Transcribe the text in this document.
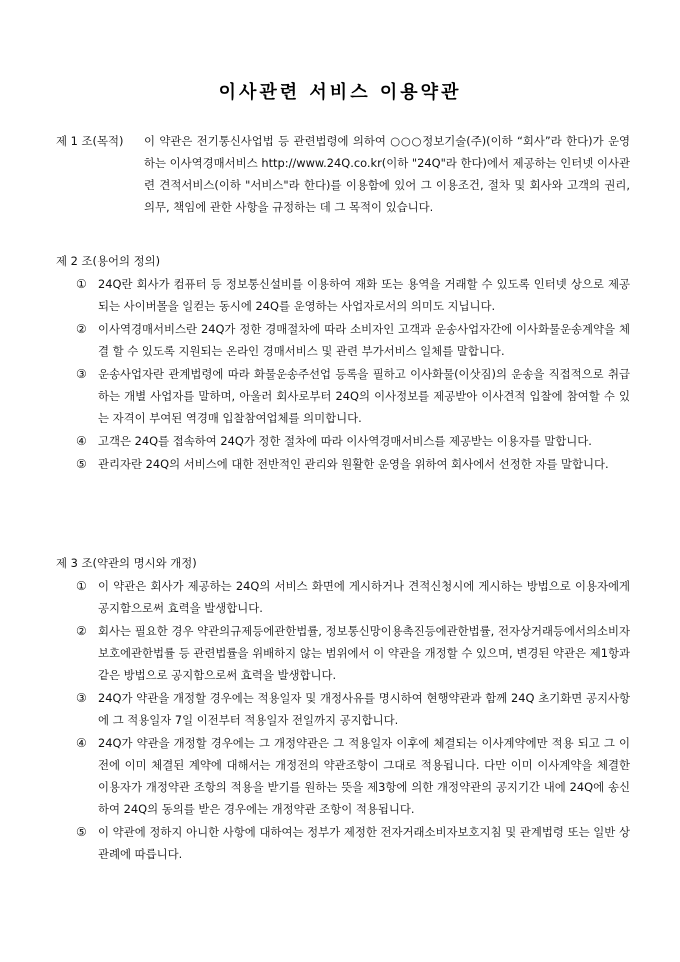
이사관련 서비스 이용약관
제 1 조(목적)	이 약관은 전기통신사업법 등 관련법령에 의하여 ○○○정보기술(주)(이하 “회사”라 한다)가 운영하는 이사역경매서비스 http://www.24Q.co.kr(이하 "24Q"라 한다)에서 제공하는 인터넷 이사관련 견적서비스(이하 "서비스"라 한다)를 이용함에 있어 그 이용조건, 절차 및 회사와 고객의 권리, 의무, 책임에 관한 사항을 규정하는 데 그 목적이 있습니다.
제 2 조(용어의 정의)
① 24Q란 회사가 컴퓨터 등 정보통신설비를 이용하여 재화 또는 용역을 거래할 수 있도록 인터넷 상으로 제공되는 사이버몰을 일컫는 동시에 24Q를 운영하는 사업자로서의 의미도 지닙니다.
② 이사역경매서비스란 24Q가 정한 경매절차에 따라 소비자인 고객과 운송사업자간에 이사화물운송계약을 체결 할 수 있도록 지원되는 온라인 경매서비스 및 관련 부가서비스 일체를 말합니다.
③ 운송사업자란 관계법령에 따라 화물운송주선업 등록을 필하고 이사화물(이삿짐)의 운송을 직접적으로 취급하는 개별 사업자를 말하며, 아울러 회사로부터 24Q의 이사정보를 제공받아 이사견적 입찰에 참여할 수 있는 자격이 부여된 역경매 입찰참여업체를 의미합니다.
④ 고객은 24Q를 접속하여 24Q가 정한 절차에 따라 이사역경매서비스를 제공받는 이용자를 말합니다.
⑤ 관리자란 24Q의 서비스에 대한 전반적인 관리와 원활한 운영을 위하여 회사에서 선정한 자를 말합니다.
제 3 조(약관의 명시와 개정)
① 이 약관은 회사가 제공하는 24Q의 서비스 화면에 게시하거나 견적신청시에 게시하는 방법으로 이용자에게 공지함으로써 효력을 발생합니다.
② 회사는 필요한 경우 약관의규제등에관한법률, 정보통신망이용촉진등에관한법률, 전자상거래등에서의소비자보호에관한법률 등 관련법률을 위배하지 않는 범위에서 이 약관을 개정할 수 있으며, 변경된 약관은 제1항과 같은 방법으로 공지함으로써 효력을 발생합니다.
③ 24Q가 약관을 개정할 경우에는 적용일자 및 개정사유를 명시하여 현행약관과 함께 24Q 초기화면 공지사항에 그 적용일자 7일 이전부터 적용일자 전일까지 공지합니다.
④ 24Q가 약관을 개정할 경우에는 그 개정약관은 그 적용일자 이후에 체결되는 이사계약에만 적용 되고 그 이전에 이미 체결된 계약에 대해서는 개정전의 약관조항이 그대로 적용됩니다. 다만 이미 이사계약을 체결한 이용자가 개정약관 조항의 적용을 받기를 원하는 뜻을 제3항에 의한 개정약관의 공지기간 내에 24Q에 송신하여 24Q의 동의를 받은 경우에는 개정약관 조항이 적용됩니다.
⑤ 이 약관에 정하지 아니한 사항에 대하여는 정부가 제정한 전자거래소비자보호지침 및 관계법령 또는 일반 상관례에 따릅니다.
